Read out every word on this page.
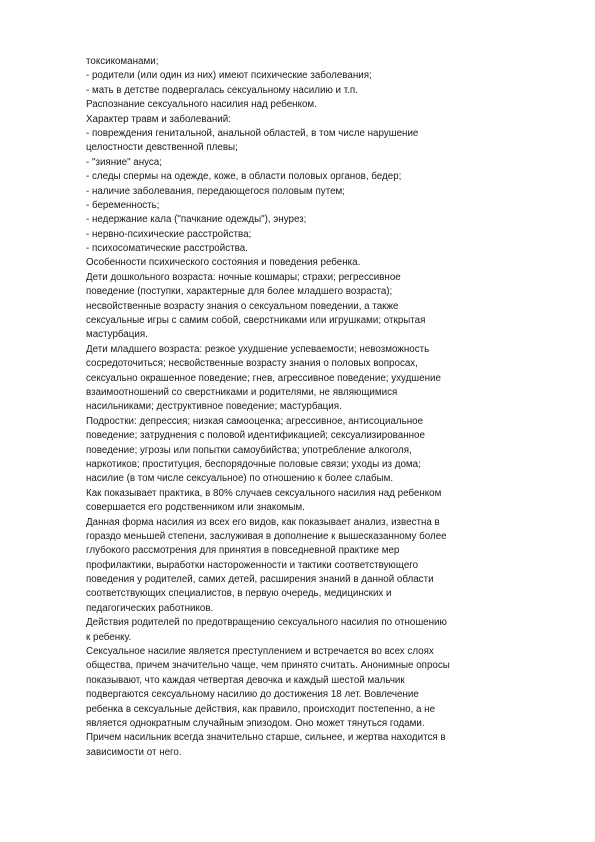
токсикоманами;
- родители (или один из них) имеют психические заболевания;
- мать в детстве подвергалась сексуальному насилию и т.п.
Распознание сексуального насилия над ребенком.
Характер травм и заболеваний:
- повреждения генитальной, анальной областей, в том числе нарушение
целостности девственной плевы;
- "зияние" ануса;
- следы спермы на одежде, коже, в области половых органов, бедер;
- наличие заболевания, передающегося половым путем;
- беременность;
- недержание кала ("пачкание одежды"), энурез;
- нервно-психические расстройства;
- психосоматические расстройства.
Особенности психического состояния и поведения ребенка.
Дети дошкольного возраста: ночные кошмары; страхи; регрессивное
поведение (поступки, характерные для более младшего возраста);
несвойственные возрасту знания о сексуальном поведении, а также
сексуальные игры с самим собой, сверстниками или игрушками; открытая
мастурбация.
Дети младшего возраста: резкое ухудшение успеваемости; невозможность
сосредоточиться; несвойственные возрасту знания о половых вопросах,
сексуально окрашенное поведение; гнев, агрессивное поведение; ухудшение
взаимоотношений со сверстниками и родителями, не являющимися
насильниками; деструктивное поведение; мастурбация.
Подростки: депрессия; низкая самооценка; агрессивное, антисоциальное
поведение; затруднения с половой идентификацией; сексуализированное
поведение; угрозы или попытки самоубийства; употребление алкоголя,
наркотиков; проституция, беспорядочные половые связи; уходы из дома;
насилие (в том числе сексуальное) по отношению к более слабым.
Как показывает практика, в 80% случаев сексуального насилия над ребенком
совершается его родственником или знакомым.
Данная форма насилия из всех его видов, как показывает анализ, известна в
гораздо меньшей степени, заслуживая в дополнение к вышесказанному более
глубокого рассмотрения для принятия в повседневной практике мер
профилактики, выработки настороженности и тактики соответствующего
поведения у родителей, самих детей, расширения знаний в данной области
соответствующих специалистов, в первую очередь, медицинских и
педагогических работников.
Действия родителей по предотвращению сексуального насилия по отношению
к ребенку.
Сексуальное насилие является преступлением и встречается во всех слоях
общества, причем значительно чаще, чем принято считать. Анонимные опросы
показывают, что каждая четвертая девочка и каждый шестой мальчик
подвергаются сексуальному насилию до достижения 18 лет. Вовлечение
ребенка в сексуальные действия, как правило, происходит постепенно, а не
является однократным случайным эпизодом. Оно может тянуться годами.
Причем насильник всегда значительно старше, сильнее, и жертва находится в
зависимости от него.
